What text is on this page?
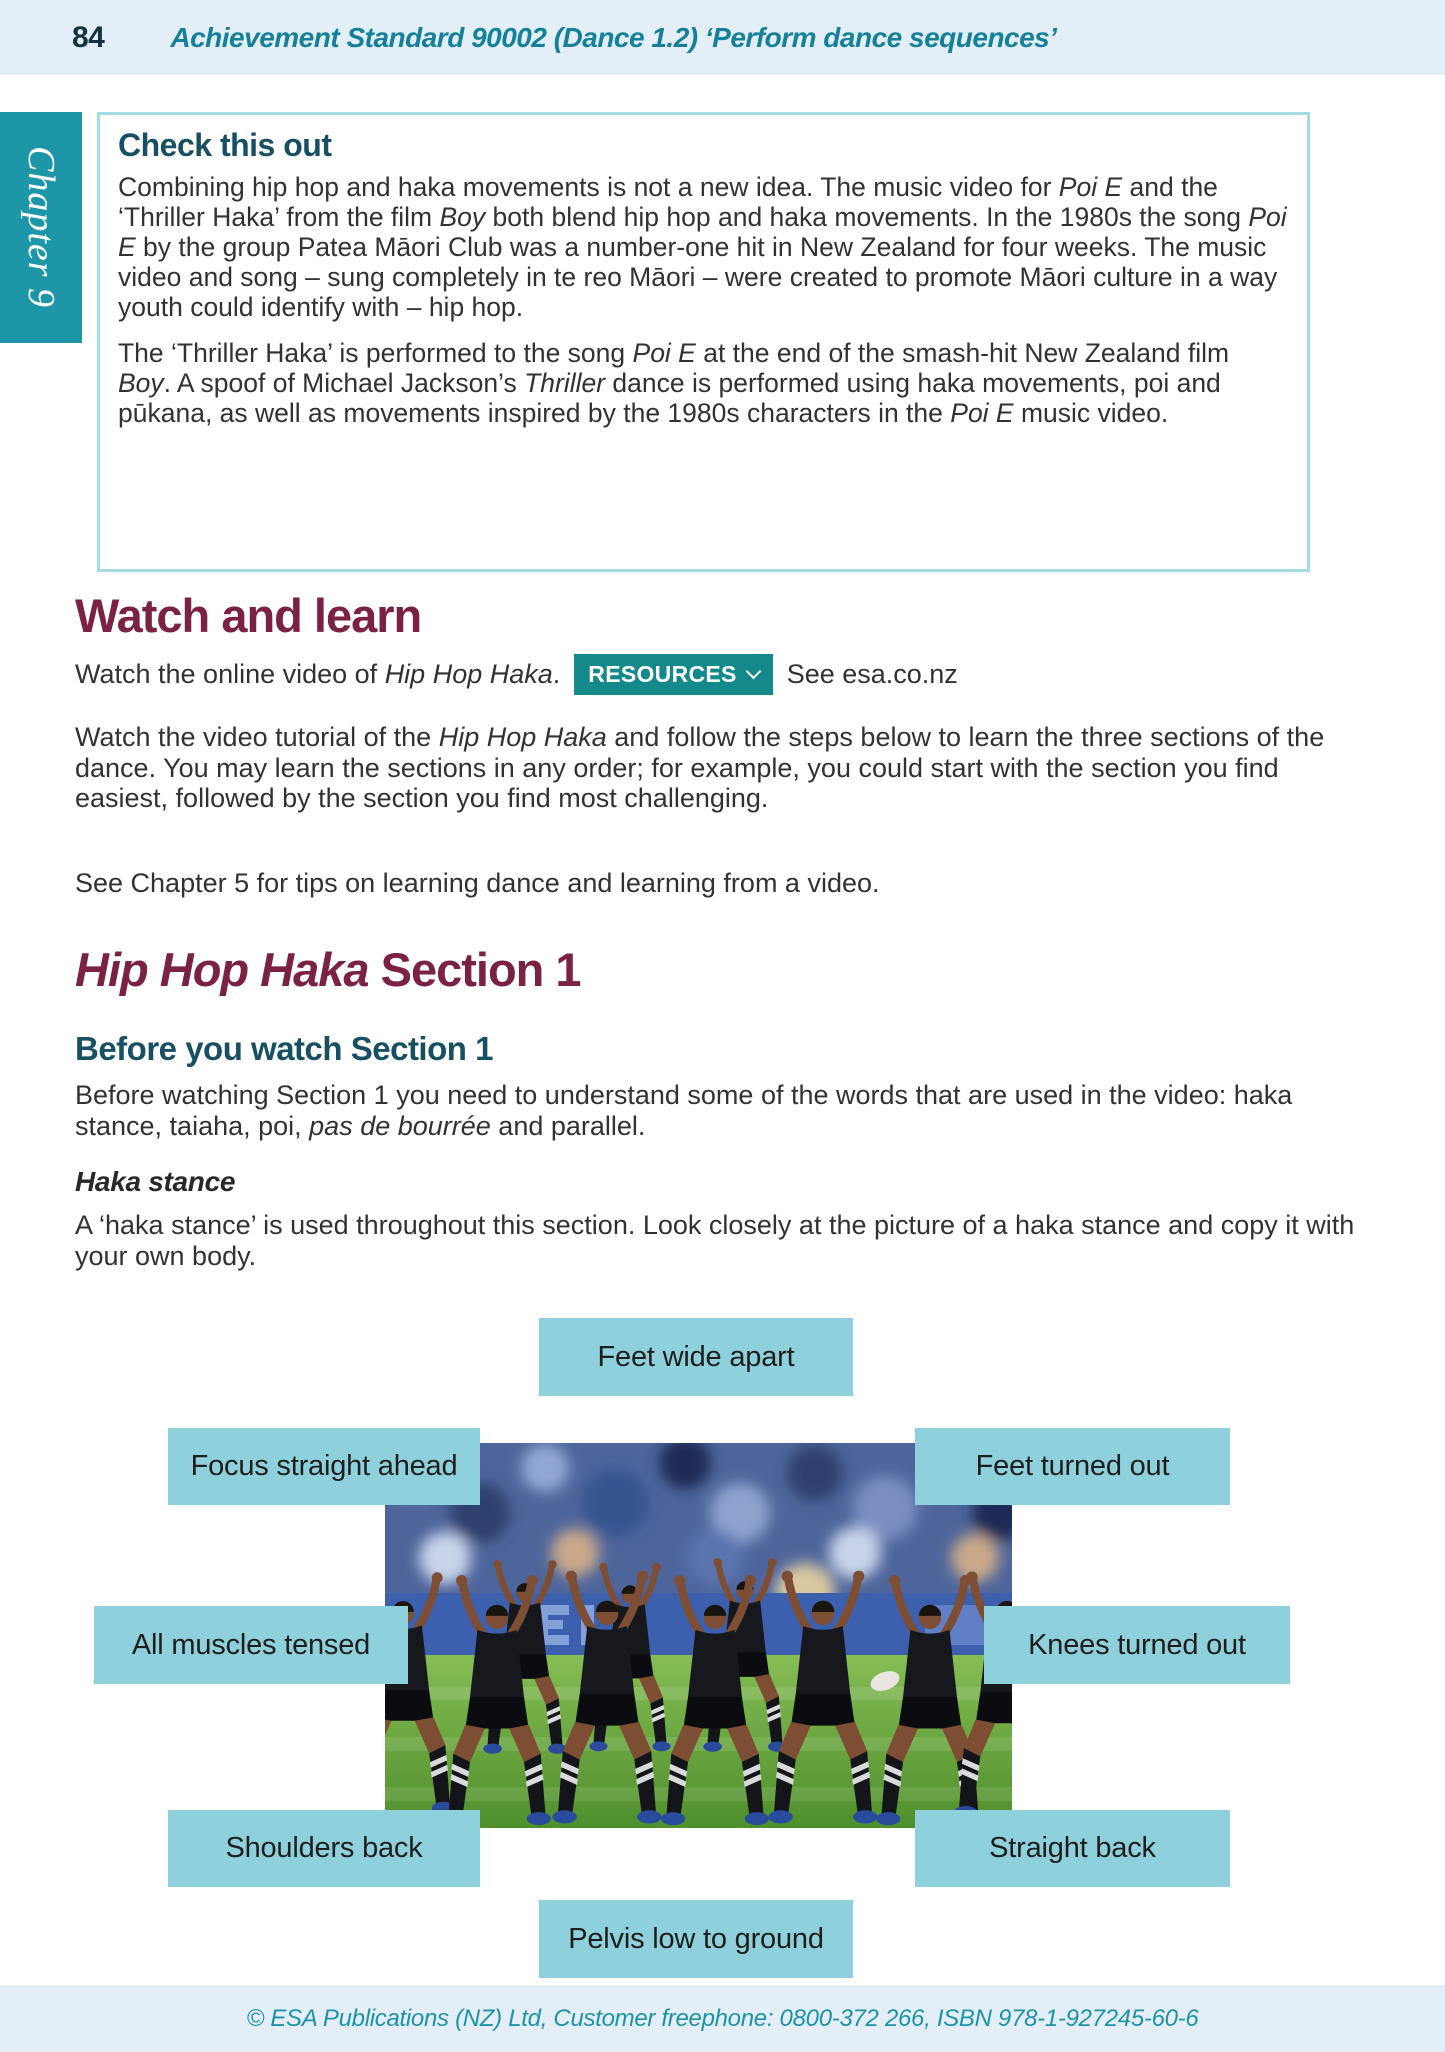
84 Achievement Standard 90002 (Dance 1.2) ‘Perform dance sequences’
Chapter 9
Check this out

Combining hip hop and haka movements is not a new idea. The music video for Poi E and the ‘Thriller Haka’ from the film Boy both blend hip hop and haka movements. In the 1980s the song Poi E by the group Patea Māori Club was a number-one hit in New Zealand for four weeks. The music video and song – sung completely in te reo Māori – were created to promote Māori culture in a way youth could identify with – hip hop.

The ‘Thriller Haka’ is performed to the song Poi E at the end of the smash-hit New Zealand film Boy. A spoof of Michael Jackson’s Thriller dance is performed using haka movements, poi and pūkana, as well as movements inspired by the 1980s characters in the Poi E music video.

Watch and learn
Watch the online video of Hip Hop Haka. RESOURCES See esa.co.nz
Watch the video tutorial of the Hip Hop Haka and follow the steps below to learn the three sections of the dance. You may learn the sections in any order; for example, you could start with the section you find easiest, followed by the section you find most challenging.
See Chapter 5 for tips on learning dance and learning from a video.
Hip Hop Haka Section 1
Before you watch Section 1
Before watching Section 1 you need to understand some of the words that are used in the video: haka stance, taiaha, poi, pas de bourrée and parallel.
Haka stance
A ‘haka stance’ is used throughout this section. Look closely at the picture of a haka stance and copy it with your own body.
Feet wide apart
Focus straight ahead	Feet turned out
All muscles tensed	Knees turned out
Shoulders back	Straight back
Pelvis low to ground
© ESA Publications (NZ) Ltd, Customer freephone: 0800-372 266, ISBN 978-1-927245-60-6
